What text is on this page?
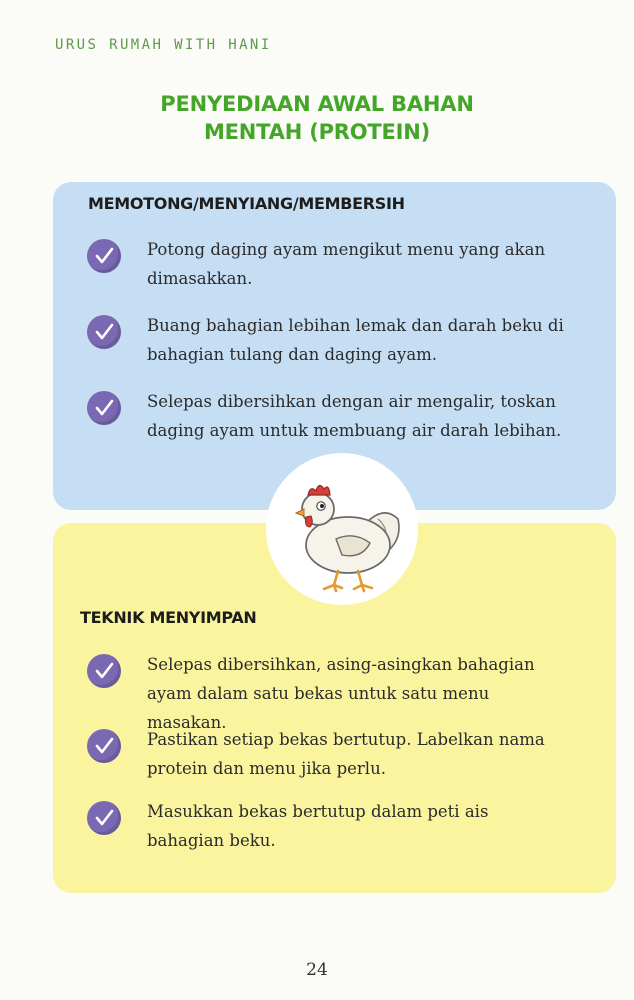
URUS RUMAH WITH HANI
PENYEDIAAN AWAL BAHAN
MENTAH (PROTEIN)
MEMOTONG/MENYIANG/MEMBERSIH
Potong daging ayam mengikut menu yang akan dimasakkan.
Buang bahagian lebihan lemak dan darah beku di bahagian tulang dan daging ayam.
Selepas dibersihkan dengan air mengalir, toskan daging ayam untuk membuang air darah lebihan.
TEKNIK MENYIMPAN
Selepas dibersihkan, asing-asingkan bahagian ayam dalam satu bekas untuk satu menu masakan.
Pastikan setiap bekas bertutup. Labelkan nama protein dan menu jika perlu.
Masukkan bekas bertutup dalam peti ais bahagian beku.
24
